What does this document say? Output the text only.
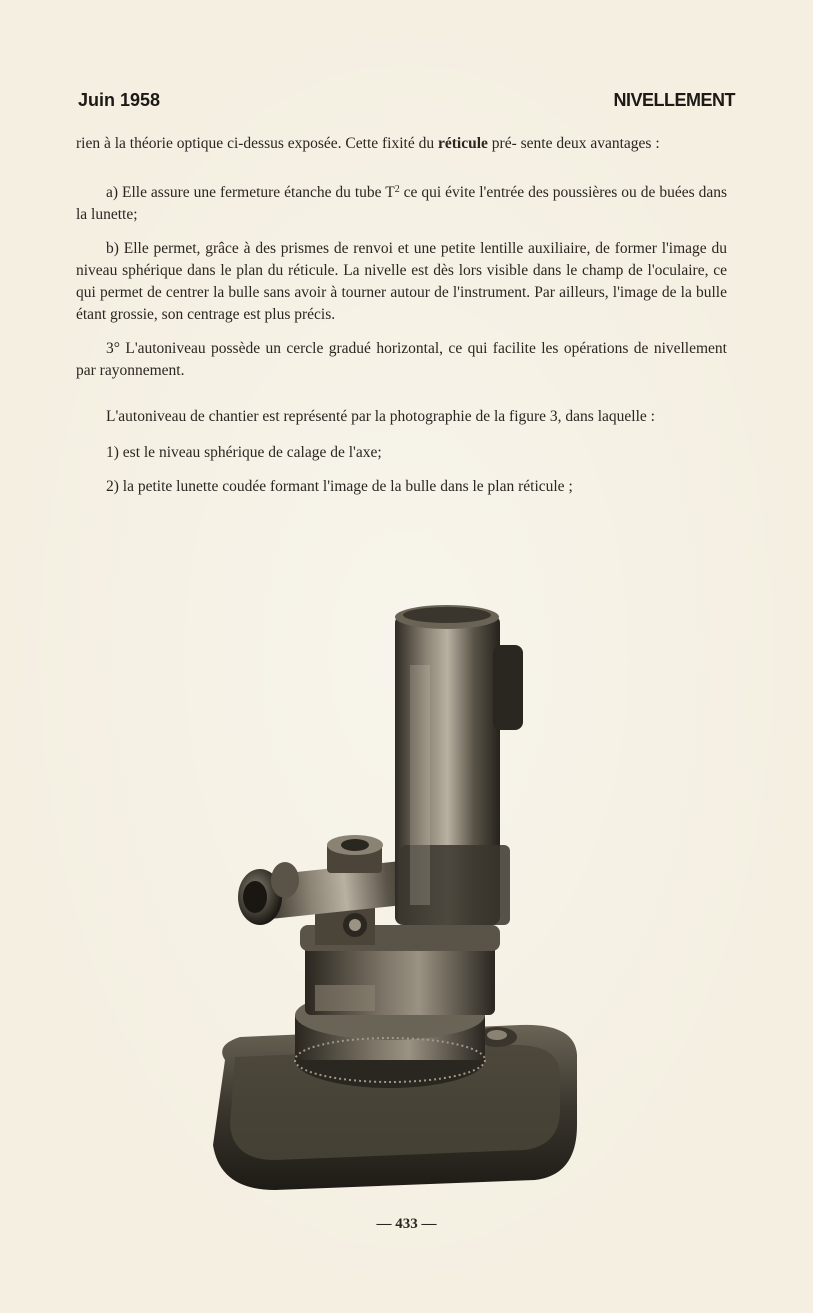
Juin 1958	NIVELLEMENT

rien à la théorie optique ci-dessus exposée. Cette fixité du réticule pré- sente deux avantages :

a) Elle assure une fermeture étanche du tube $T^2$ ce qui évite l'entrée des poussières ou de buées dans la lunette;

b) Elle permet, grâce à des prismes de renvoi et une petite lentille auxiliaire, de former l'image du niveau sphérique dans le plan du réticule. La nivelle est dès lors visible dans le champ de l'oculaire, ce qui permet de centrer la bulle sans avoir à tourner autour de l'instrument. Par ailleurs, l'image de la bulle étant grossie, son centrage est plus précis.

3° L'autoniveau possède un cercle gradué horizontal, ce qui facilite les opérations de nivellement par rayonnement.

L'autoniveau de chantier est représenté par la photographie de la figure 3, dans laquelle :

1) est le niveau sphérique de calage de l'axe;

2) la petite lunette coudée formant l'image de la bulle dans le plan réticule ;

— 433 —
